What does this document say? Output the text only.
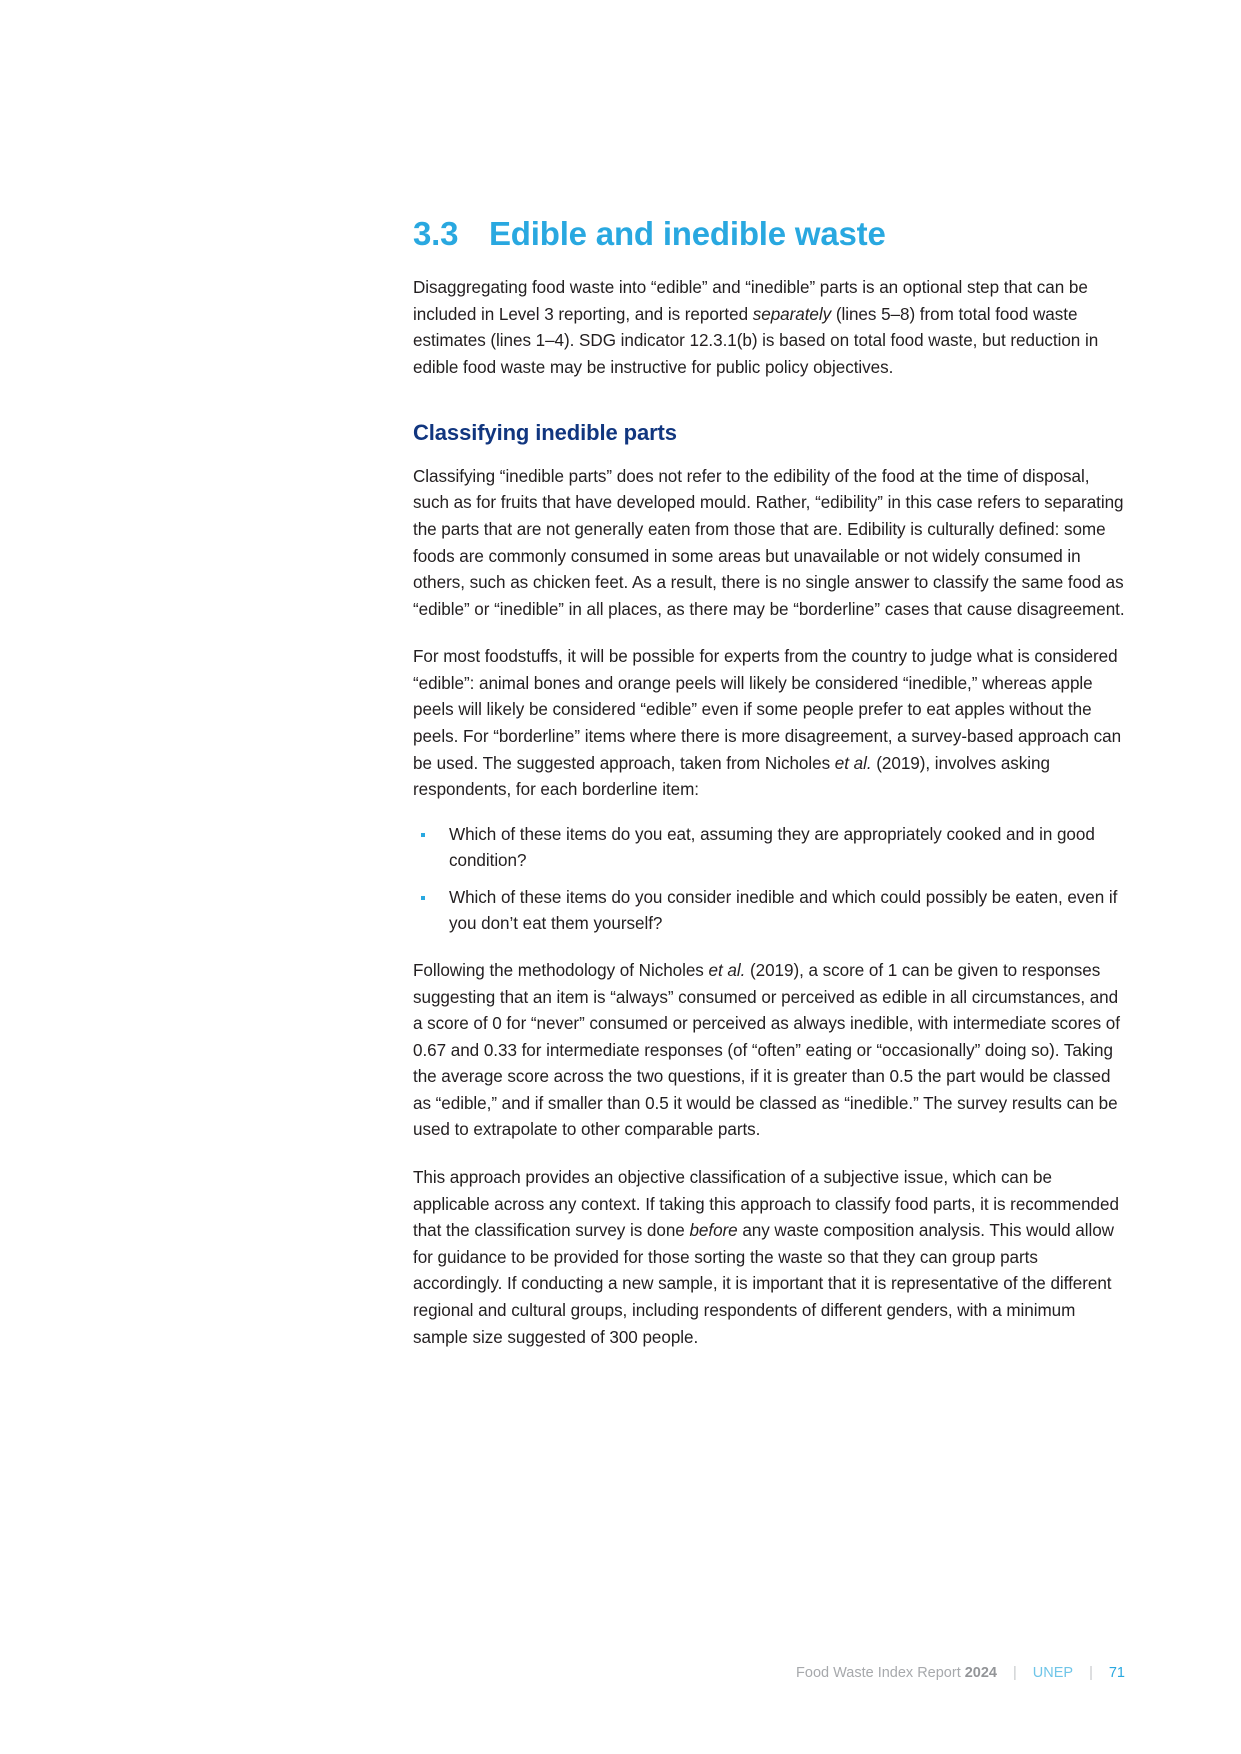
3.3 Edible and inedible waste

Disaggregating food waste into “edible” and “inedible” parts is an optional step that can be included in Level 3 reporting, and is reported separately (lines 5–8) from total food waste estimates (lines 1–4). SDG indicator 12.3.1(b) is based on total food waste, but reduction in edible food waste may be instructive for public policy objectives.

Classifying inedible parts

Classifying “inedible parts” does not refer to the edibility of the food at the time of disposal, such as for fruits that have developed mould. Rather, “edibility” in this case refers to separating the parts that are not generally eaten from those that are. Edibility is culturally defined: some foods are commonly consumed in some areas but unavailable or not widely consumed in others, such as chicken feet. As a result, there is no single answer to classify the same food as “edible” or “inedible” in all places, as there may be “borderline” cases that cause disagreement.

For most foodstuffs, it will be possible for experts from the country to judge what is considered “edible”: animal bones and orange peels will likely be considered “inedible,” whereas apple peels will likely be considered “edible” even if some people prefer to eat apples without the peels. For “borderline” items where there is more disagreement, a survey-based approach can be used. The suggested approach, taken from Nicholes et al. (2019), involves asking respondents, for each borderline item:

Which of these items do you eat, assuming they are appropriately cooked and in good condition?
Which of these items do you consider inedible and which could possibly be eaten, even if you don’t eat them yourself?

Following the methodology of Nicholes et al. (2019), a score of 1 can be given to responses suggesting that an item is “always” consumed or perceived as edible in all circumstances, and a score of 0 for “never” consumed or perceived as always inedible, with intermediate scores of 0.67 and 0.33 for intermediate responses (of “often” eating or “occasionally” doing so). Taking the average score across the two questions, if it is greater than 0.5 the part would be classed as “edible,” and if smaller than 0.5 it would be classed as “inedible.” The survey results can be used to extrapolate to other comparable parts.

This approach provides an objective classification of a subjective issue, which can be applicable across any context. If taking this approach to classify food parts, it is recommended that the classification survey is done before any waste composition analysis. This would allow for guidance to be provided for those sorting the waste so that they can group parts accordingly. If conducting a new sample, it is important that it is representative of the different regional and cultural groups, including respondents of different genders, with a minimum sample size suggested of 300 people.

Food Waste Index Report 2024 | UNEP | 71
